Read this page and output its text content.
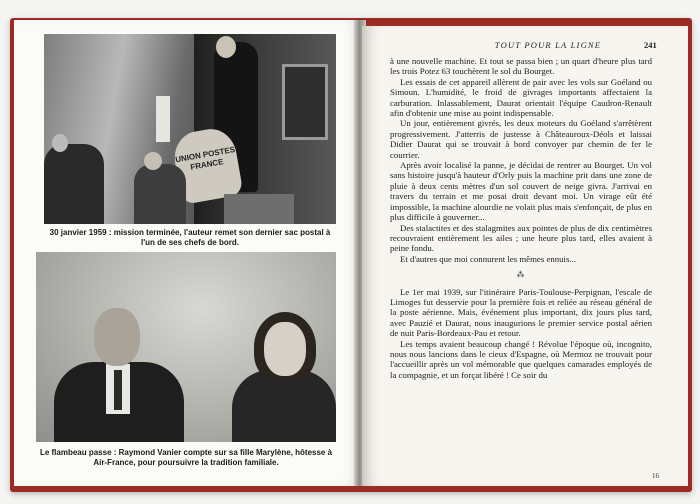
UNION POSTES FRANCE
30 janvier 1959 : mission terminée, l'auteur remet son dernier sac postal à l'un de ses chefs de bord.
Le flambeau passe : Raymond Vanier compte sur sa fille Marylène, hôtesse à Air-France, pour poursuivre la tradition familiale.
TOUT POUR LA LIGNE	241

à une nouvelle machine. Et tout se passa bien ; un quart d'heure plus tard les trois Potez 63 touchèrent le sol du Bourget.

Les essais de cet appareil allèrent de pair avec les vols sur Goéland ou Simoun. L'humidité, le froid de givrages importants affectaient la carburation. Inlassablement, Daurat orientait l'équipe Caudron-Renault afin d'obtenir une mise au point indispensable.

Un jour, entièrement givrés, les deux moteurs du Goéland s'arrêtèrent progressivement. J'atterris de justesse à Châteauroux-Déols et laissai Didier Daurat qui se trouvait à bord convoyer par chemin de fer le courrier.

Après avoir localisé la panne, je décidai de rentrer au Bourget. Un vol sans histoire jusqu'à hauteur d'Orly puis la machine prit dans une zone de pluie à deux cents mètres d'un sol couvert de neige givra. J'arrivai en travers du terrain et me posai droit devant moi. Un virage eût été impossible, la machine alourdie ne volait plus mais s'enfonçait, de plus en plus difficile à gouverner...

Des stalactites et des stalagmites aux pointes de plus de dix centimètres recouvraient entièrement les ailes ; une heure plus tard, elles avaient à peine fondu.

Et d'autres que moi connurent les mêmes ennuis...

⁂

Le 1er mai 1939, sur l'itinéraire Paris-Toulouse-Perpignan, l'escale de Limoges fut desservie pour la première fois et reliée au réseau général de la poste aérienne. Mais, événement plus important, dix jours plus tard, avec Pauzié et Daurat, nous inaugurions le premier service postal aérien de nuit Paris-Bordeaux-Pau et retour.

Les temps avaient beaucoup changé ! Révolue l'époque où, incognito, nous nous lancions dans le cieux d'Espagne, où Mermoz ne trouvait pour l'accueillir après un vol mémorable que quelques camarades employés de la compagnie, et un forçat libéré ! Ce soir du

16
